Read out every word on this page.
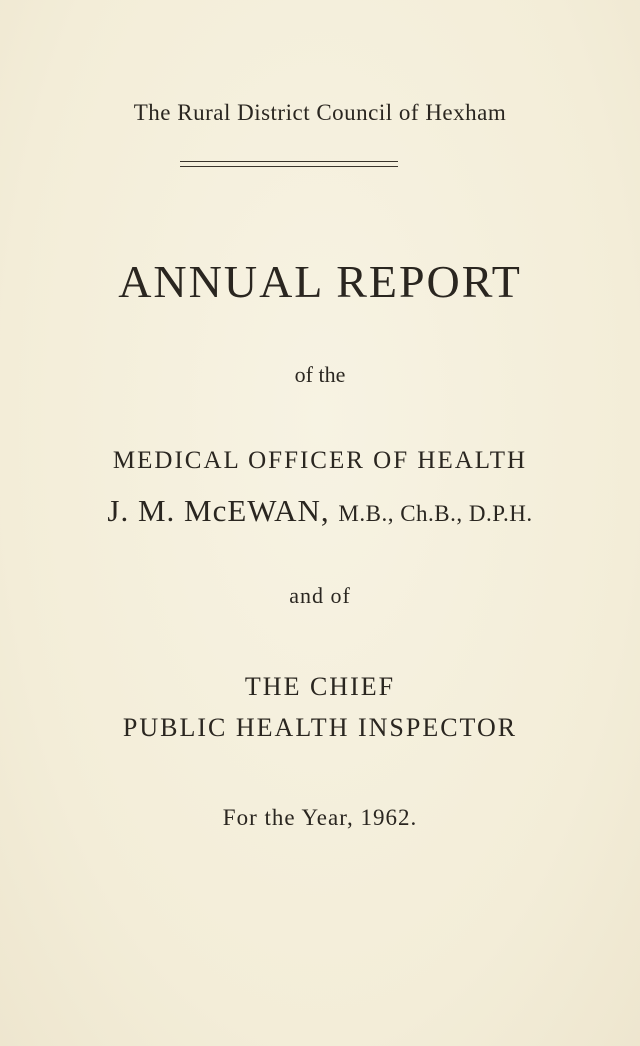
The Rural District Council of Hexham
ANNUAL REPORT
of the
MEDICAL OFFICER OF HEALTH
J. M. McEWAN, M.B., Ch.B., D.P.H.
and of
THE CHIEF
PUBLIC HEALTH INSPECTOR
For the Year, 1962.
